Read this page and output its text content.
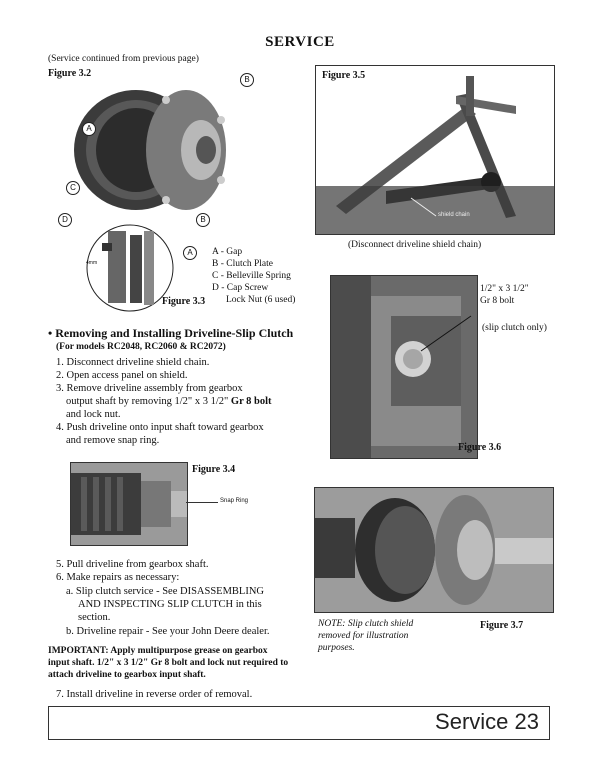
SERVICE
(Service continued from previous page)
Figure 3.2
B
A
C
D	B
A
4mm
Figure 3.3
A - Gap
B - Clutch Plate
C - Belleville Spring
D - Cap Screw
Lock Nut (6 used)
• Removing and Installing Driveline-Slip Clutch
(For models RC2048, RC2060 & RC2072)
1. Disconnect driveline shield chain.
2. Open access panel on shield.
3. Remove driveline assembly from gearbox
output shaft by removing 1/2" x 3 1/2" Gr 8 bolt
and lock nut.
4. Push driveline onto input shaft toward gearbox
and remove snap ring.
Figure 3.4
Snap Ring
5. Pull driveline from gearbox shaft.
6. Make repairs as necessary:
a. Slip clutch service - See DISASSEMBLING
AND INSPECTING SLIP CLUTCH in this
section.
b. Driveline repair - See your John Deere dealer.
IMPORTANT: Apply multipurpose grease on gearbox
input shaft. 1/2" x 3 1/2" Gr 8 bolt and lock nut required to
attach driveline to gearbox input shaft.
7. Install driveline in reverse order of removal.
Figure 3.5
shield chain
(Disconnect driveline shield chain)
1/2" x 3 1/2"
Gr 8 bolt
(slip clutch only)
Figure 3.6
NOTE: Slip clutch shield
removed for illustration
purposes.
Figure 3.7
Service 23
